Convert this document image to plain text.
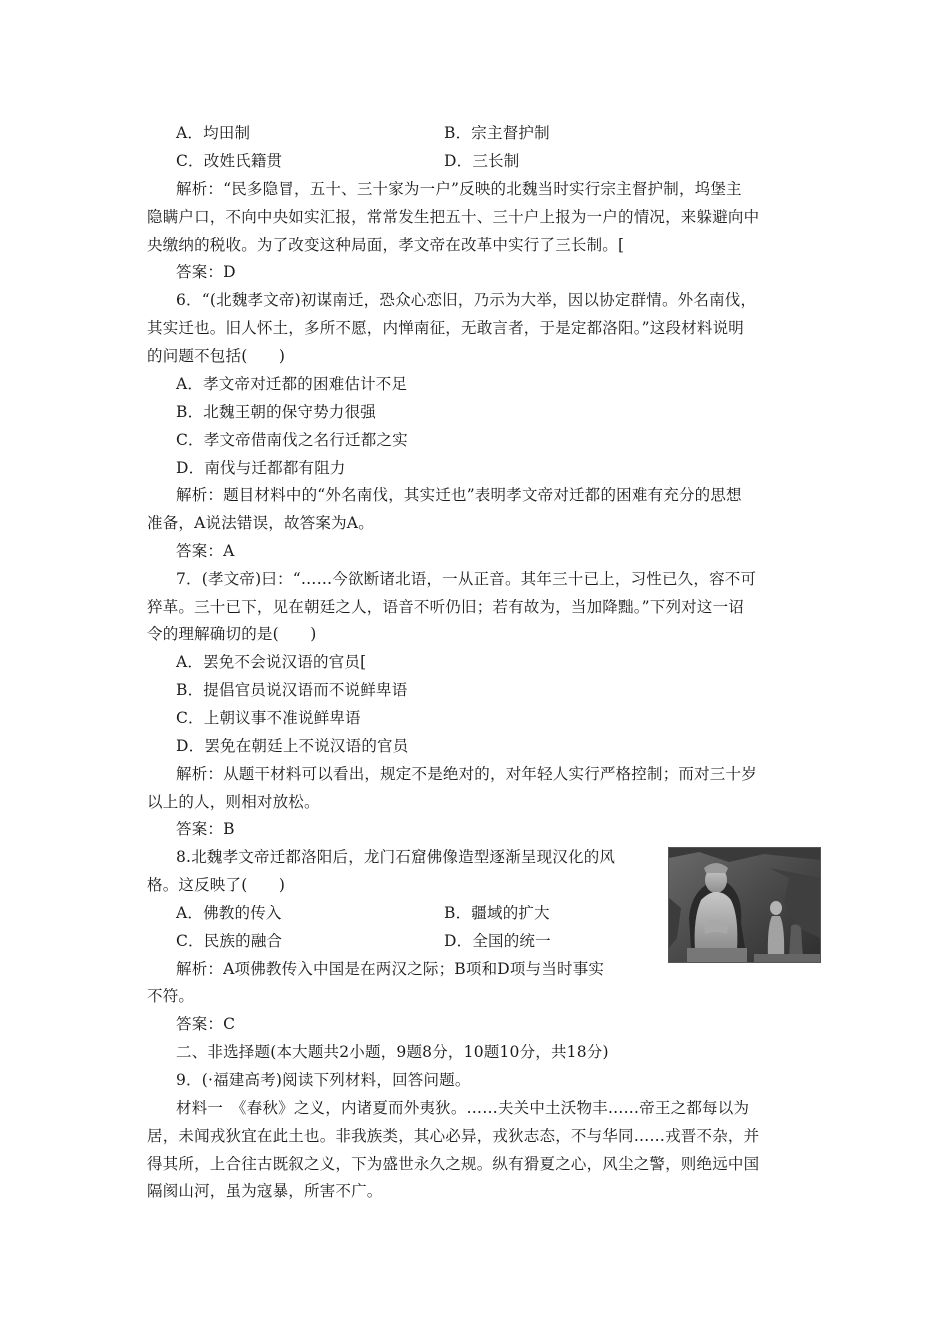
A．均田制	B．宗主督护制
C．改姓氏籍贯	D．三长制
解析：“民多隐冒，五十、三十家为一户”反映的北魏当时实行宗主督护制，坞堡主
隐瞒户口，不向中央如实汇报，常常发生把五十、三十户上报为一户的情况，来躲避向中
央缴纳的税收。为了改变这种局面，孝文帝在改革中实行了三长制。[
答案：D
6．“(北魏孝文帝)初谋南迁，恐众心恋旧，乃示为大举，因以协定群情。外名南伐，
其实迁也。旧人怀土，多所不愿，内惮南征，无敢言者，于是定都洛阳。”这段材料说明
的问题不包括(　　)
A．孝文帝对迁都的困难估计不足
B．北魏王朝的保守势力很强
C．孝文帝借南伐之名行迁都之实
D．南伐与迁都都有阻力
解析：题目材料中的“外名南伐，其实迁也”表明孝文帝对迁都的困难有充分的思想
准备，A说法错误，故答案为A。
答案：A
7．(孝文帝)曰：“……今欲断诸北语，一从正音。其年三十已上，习性已久，容不可
猝革。三十已下，见在朝廷之人，语音不听仍旧；若有故为，当加降黜。”下列对这一诏
令的理解确切的是(　　)
A．罢免不会说汉语的官员[
B．提倡官员说汉语而不说鲜卑语
C．上朝议事不准说鲜卑语
D．罢免在朝廷上不说汉语的官员
解析：从题干材料可以看出，规定不是绝对的，对年轻人实行严格控制；而对三十岁
以上的人，则相对放松。
答案：B
8.北魏孝文帝迁都洛阳后，龙门石窟佛像造型逐渐呈现汉化的风
格。这反映了(　　)
A．佛教的传入	B．疆域的扩大
C．民族的融合	D．全国的统一
解析：A项佛教传入中国是在两汉之际；B项和D项与当时事实
不符。
答案：C
二、非选择题(本大题共2小题，9题8分，10题10分，共18分)
9．(·福建高考)阅读下列材料，回答问题。
材料一　《春秋》之义，内诸夏而外夷狄。……夫关中土沃物丰……帝王之都每以为
居，未闻戎狄宜在此土也。非我族类，其心必异，戎狄志态，不与华同……戎晋不杂，并
得其所，上合往古既叙之义，下为盛世永久之规。纵有猾夏之心，风尘之警，则绝远中国
隔阂山河，虽为寇暴，所害不广。
